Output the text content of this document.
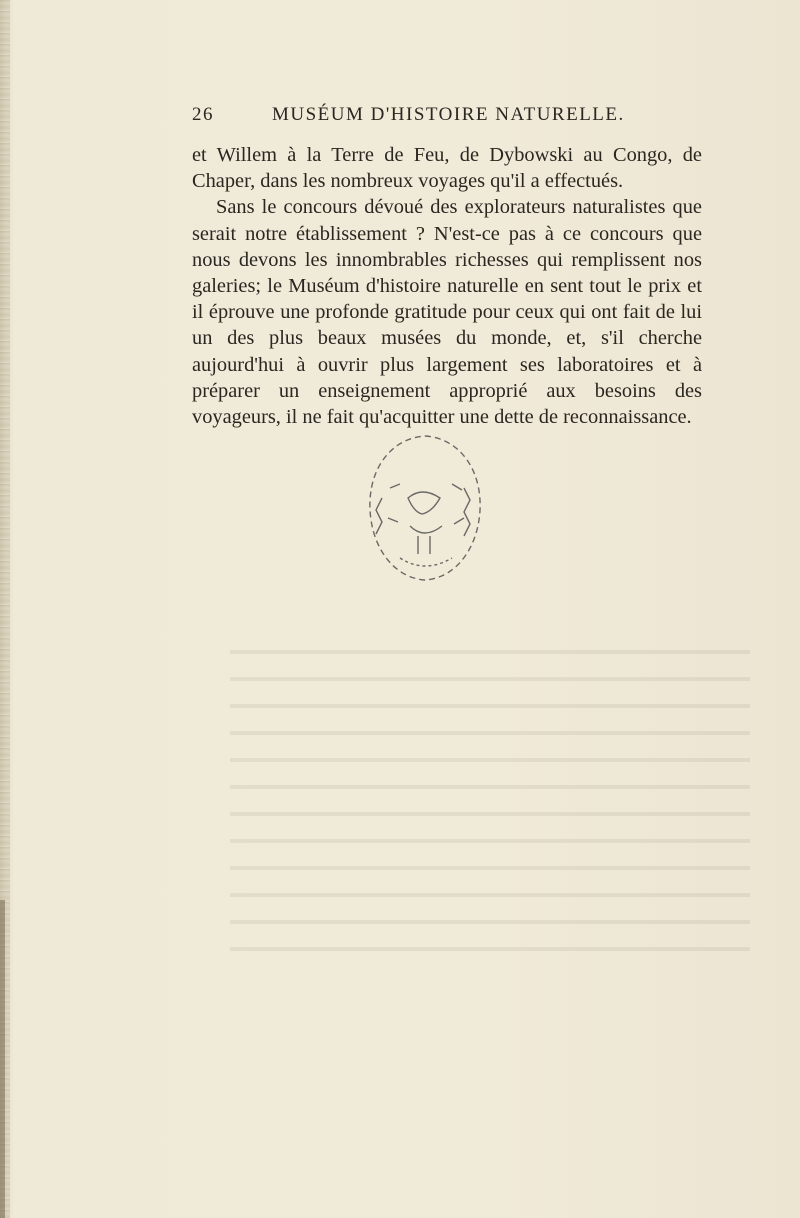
26	MUSÉUM D'HISTOIRE NATURELLE.

et Willem à la Terre de Feu, de Dybowski au Congo, de Chaper, dans les nombreux voyages qu'il a effectués.

Sans le concours dévoué des explorateurs naturalistes que serait notre établissement ? N'est-ce pas à ce concours que nous devons les innombrables richesses qui remplissent nos galeries; le Muséum d'histoire naturelle en sent tout le prix et il éprouve une profonde gratitude pour ceux qui ont fait de lui un des plus beaux musées du monde, et, s'il cherche aujourd'hui à ouvrir plus largement ses laboratoires et à préparer un enseignement approprié aux besoins des voyageurs, il ne fait qu'acquitter une dette de reconnaissance.
